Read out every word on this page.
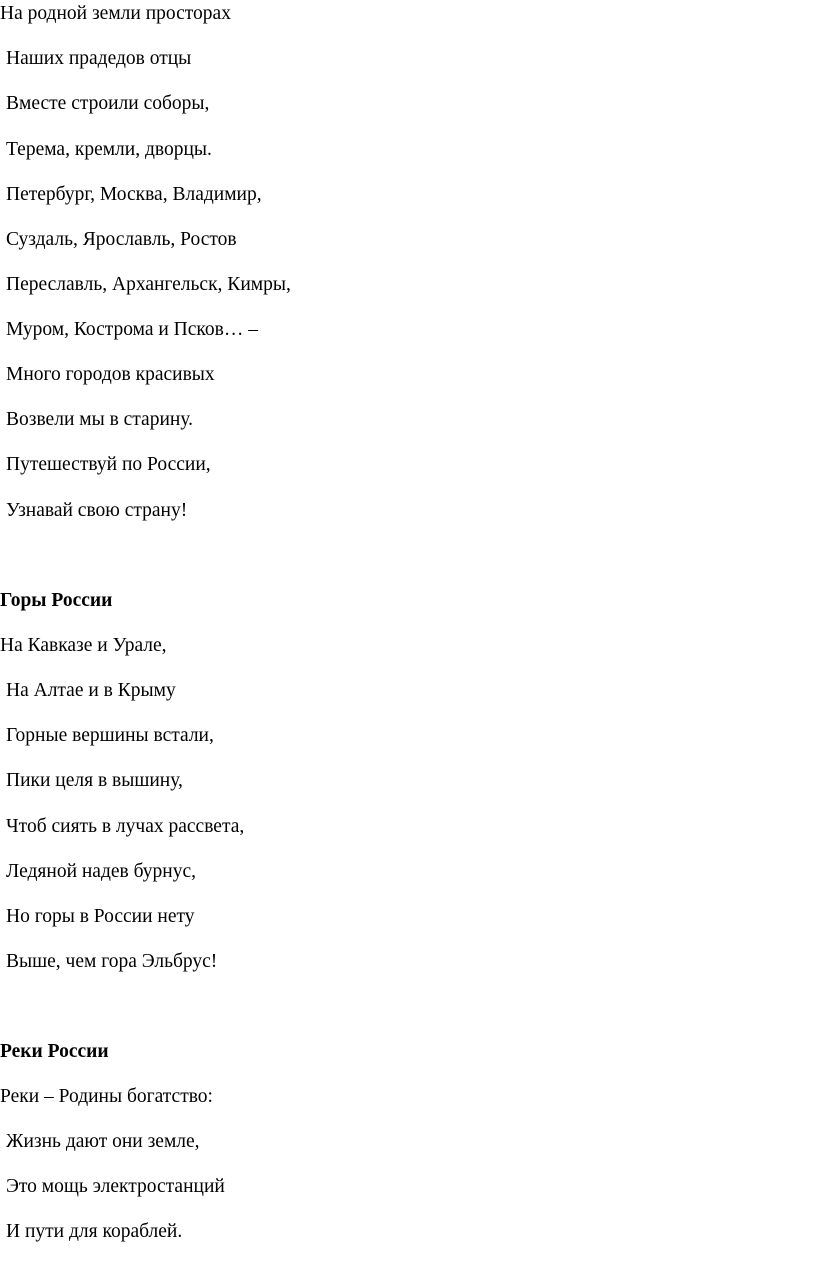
На родной земли просторах
Наших прадедов отцы
Вместе строили соборы,
Терема, кремли, дворцы.
Петербург, Москва, Владимир,
Суздаль, Ярославль, Ростов
Переславль, Архангельск, Кимры,
Муром, Кострома и Псков… –
Много городов красивых
Возвели мы в старину.
Путешествуй по России,
Узнавай свою страну!
Горы России
На Кавказе и Урале,
На Алтае и в Крыму
Горные вершины встали,
Пики целя в вышину,
Чтоб сиять в лучах рассвета,
Ледяной надев бурнус,
Но горы в России нету
Выше, чем гора Эльбрус!
Реки России
Реки – Родины богатство:
Жизнь дают они земле,
Это мощь электростанций
И пути для кораблей.
